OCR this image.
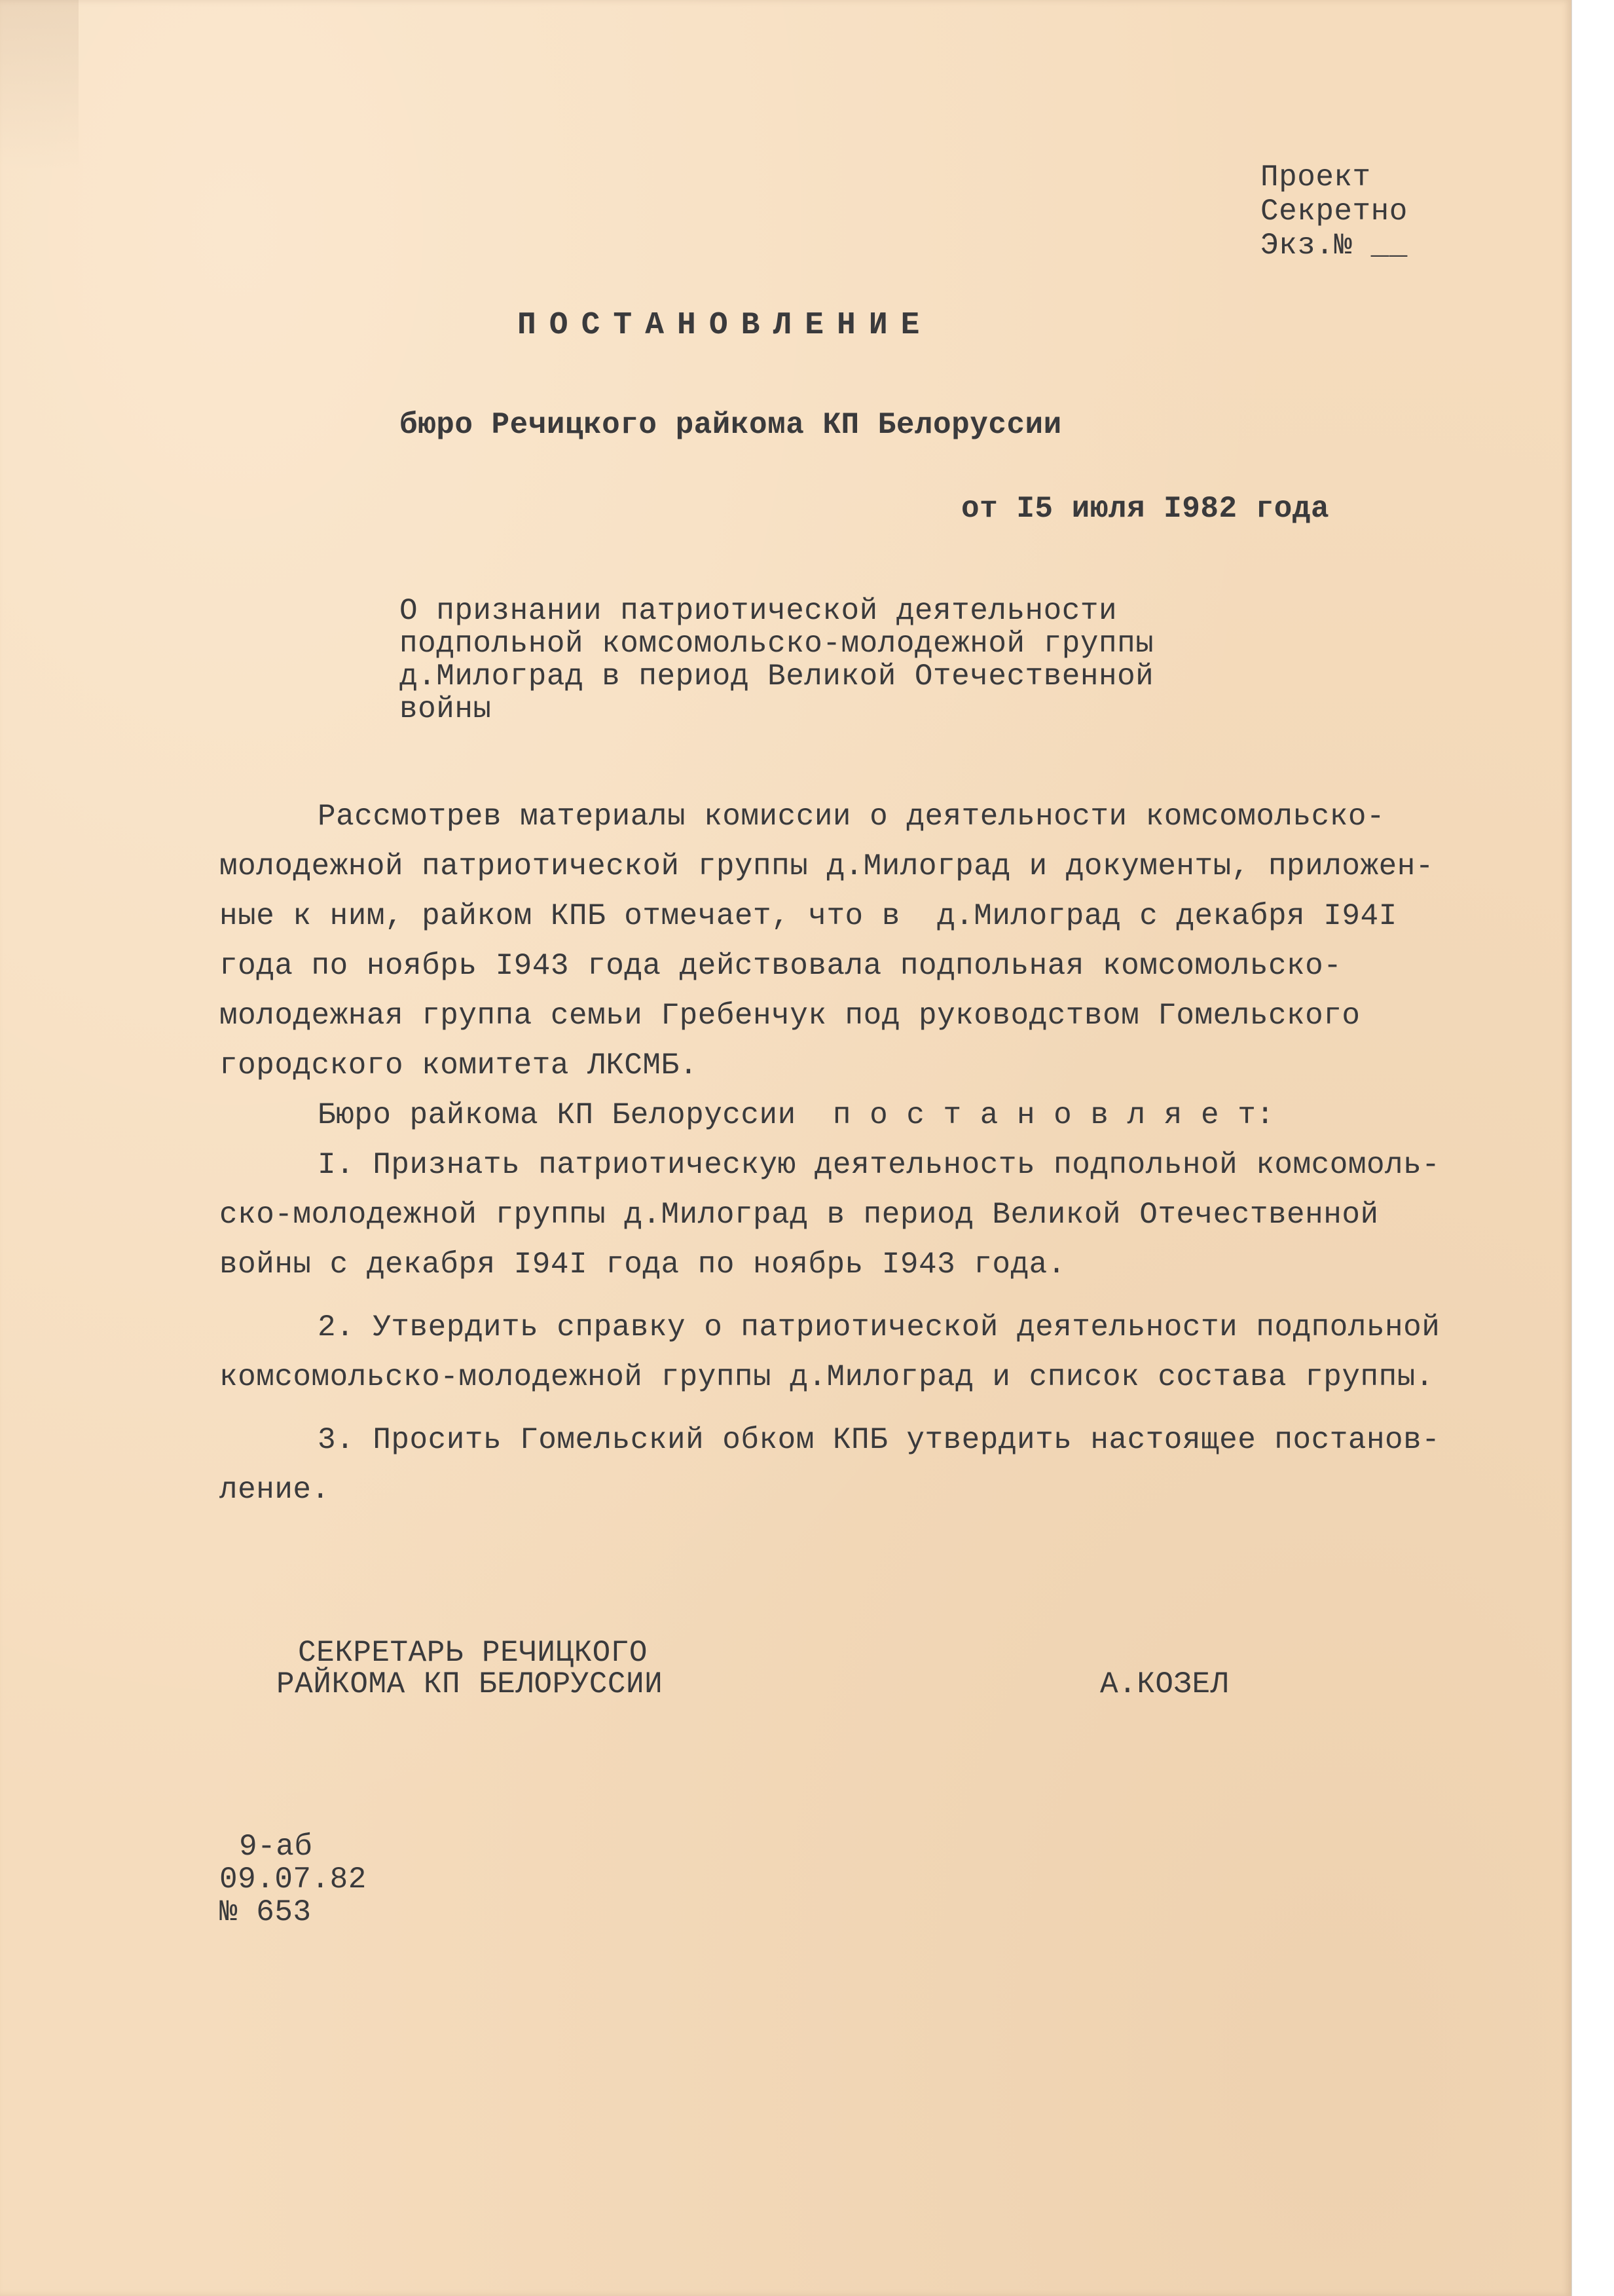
Проект
Секретно
Экз.№ __
ПОСТАНОВЛЕНИЕ
бюро Речицкого райкома КП Белоруссии
от I5 июля I982 года
О признании патриотической деятельности
подпольной комсомольско-молодежной группы
д.Милоград в период Великой Отечественной
войны
Рассмотрев материалы комиссии о деятельности комсомольско-
молодежной патриотической группы д.Милоград и документы, приложен-
ные к ним, райком КПБ отмечает, что в  д.Милоград с декабря I94I
года по ноябрь I943 года действовала подпольная комсомольско-
молодежная группа семьи Гребенчук под руководством Гомельского
городского комитета ЛКСМБ.
Бюро райкома КП Белоруссии  п о с т а н о в л я е т:
I. Признать патриотическую деятельность подпольной комсомоль-
ско-молодежной группы д.Милоград в период Великой Отечественной
войны с декабря I94I года по ноябрь I943 года.
2. Утвердить справку о патриотической деятельности подпольной
комсомольско-молодежной группы д.Милоград и список состава группы.
3. Просить Гомельский обком КПБ утвердить настоящее постанов-
ление.
СЕКРЕТАРЬ РЕЧИЦКОГО
РАЙКОМА КП БЕЛОРУССИИ	А.КОЗЕЛ
9-аб
09.07.82
№ 653
